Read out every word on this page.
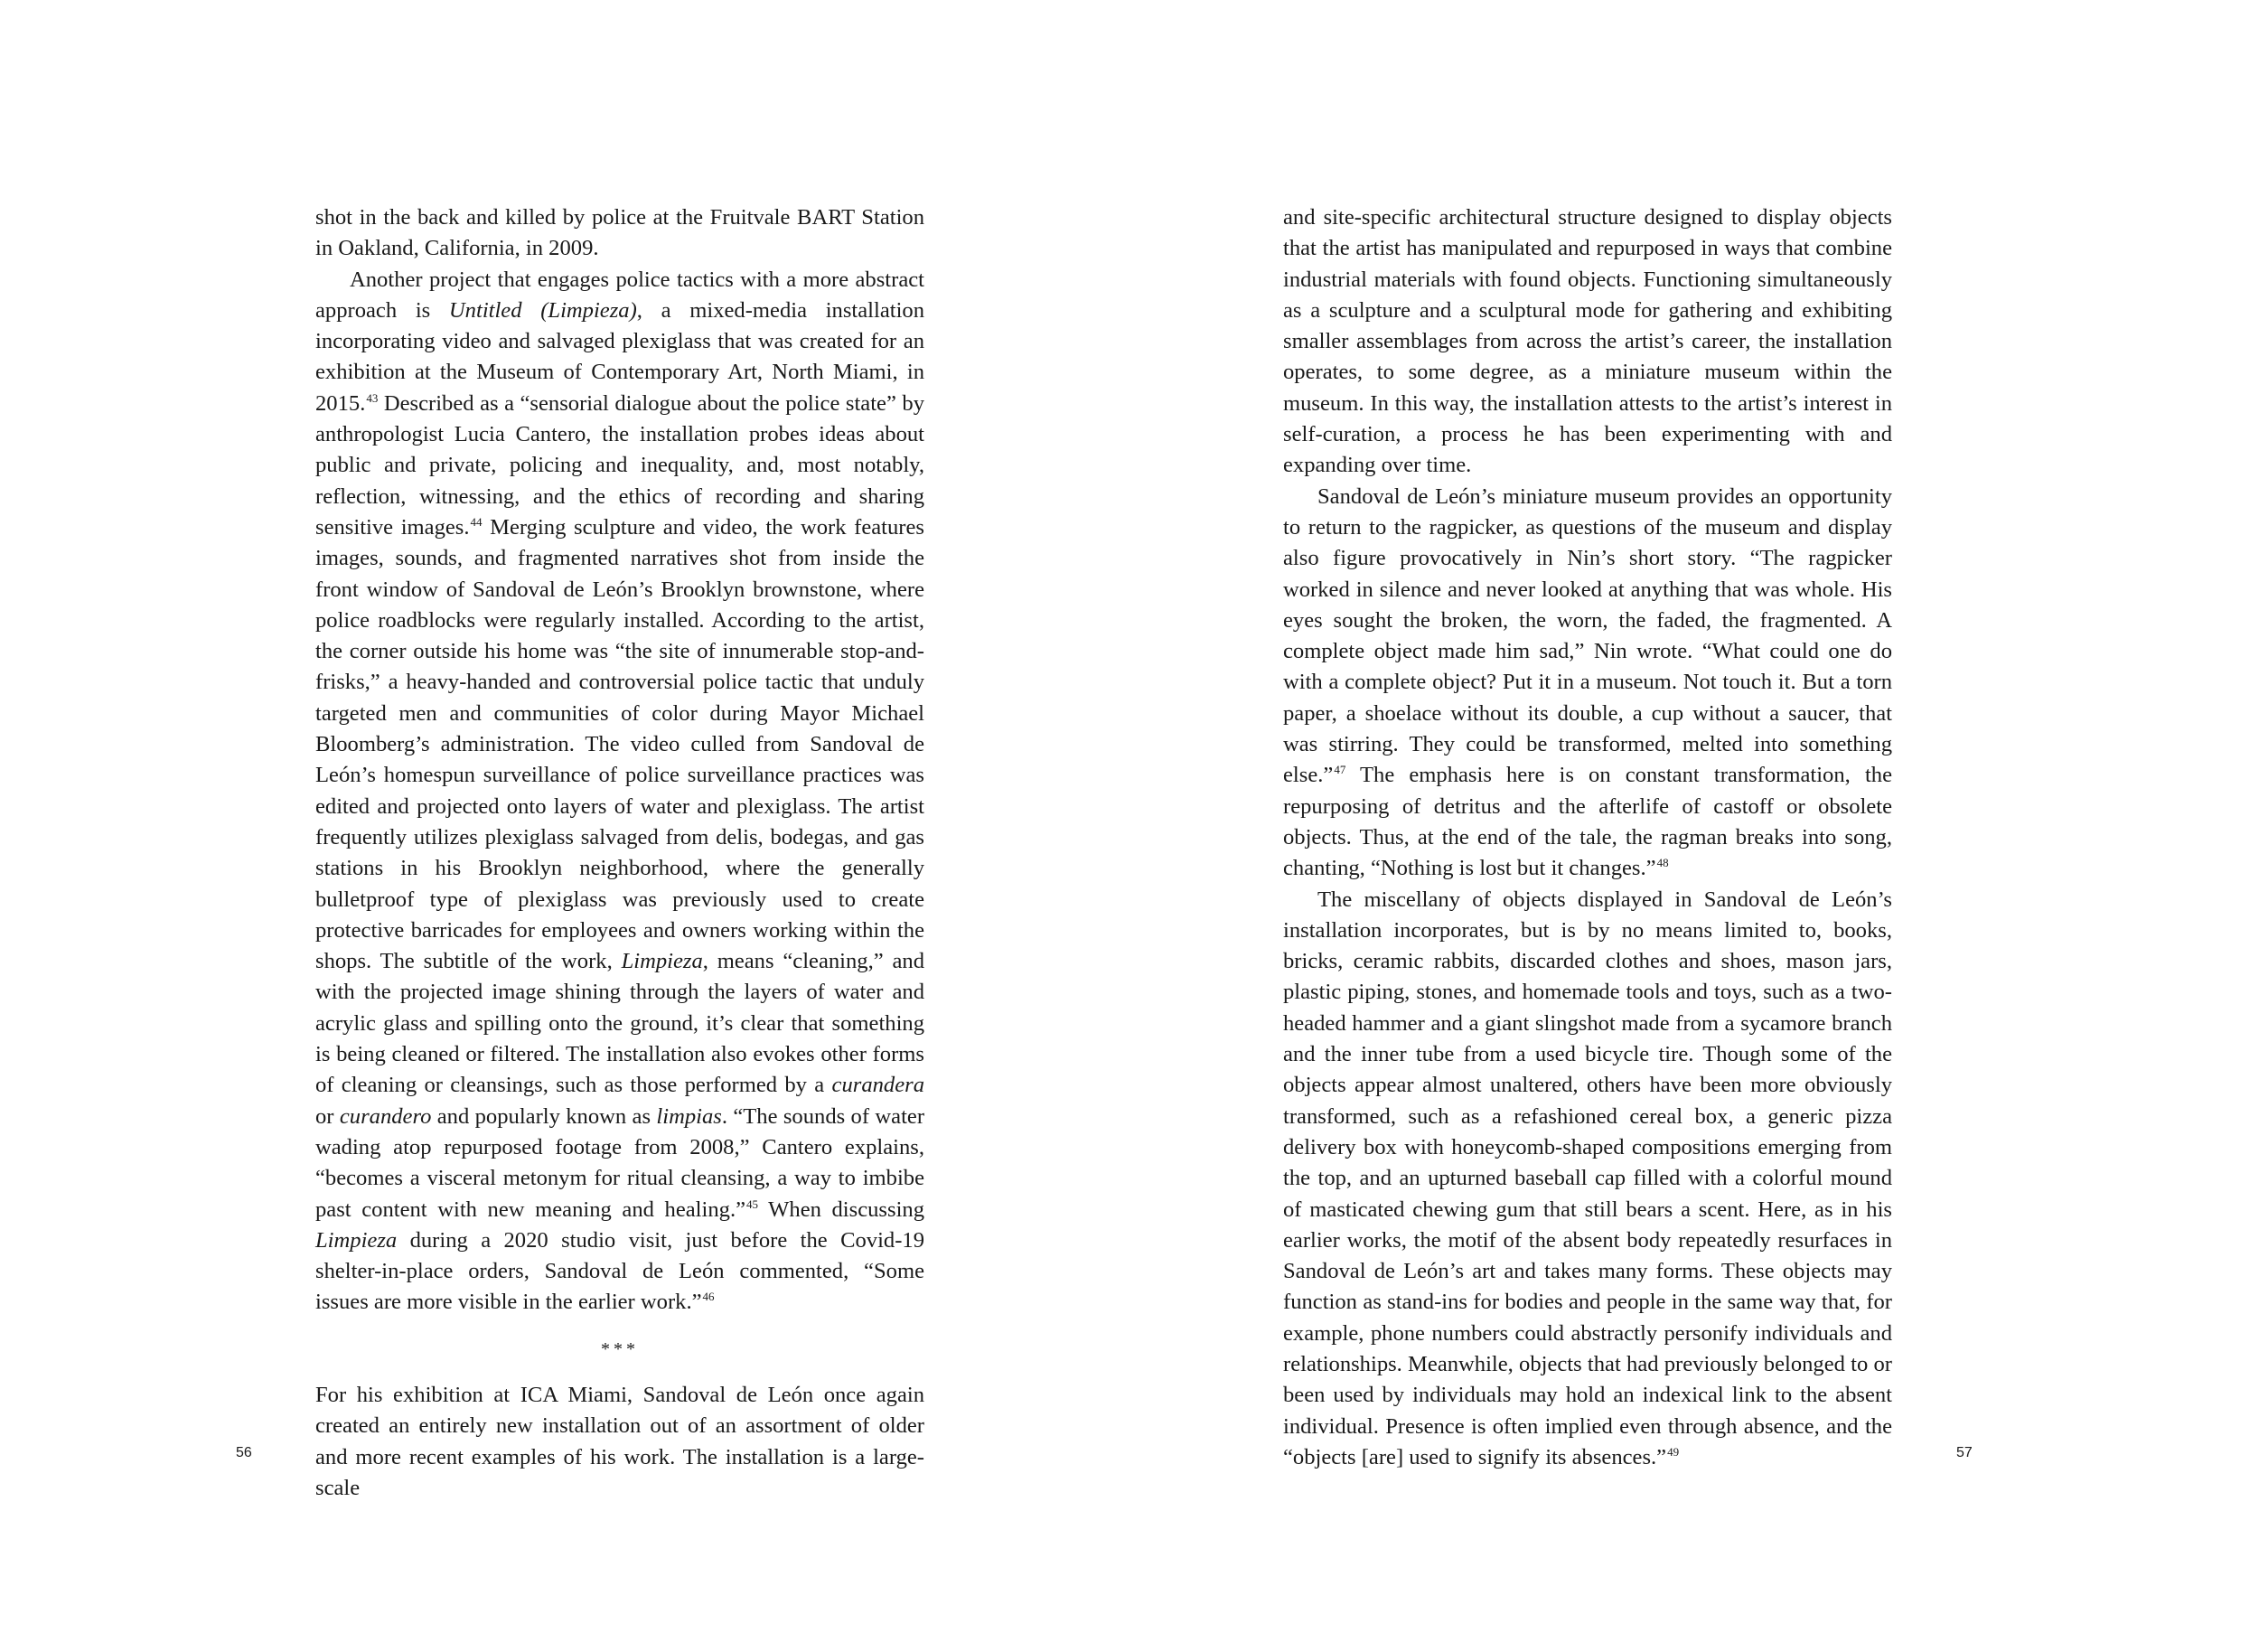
shot in the back and killed by police at the Fruitvale BART Station in Oakland, California, in 2009.

Another project that engages police tactics with a more abstract approach is Untitled (Limpieza), a mixed-media installation incorporating video and salvaged plexiglass that was created for an exhibition at the Museum of Contemporary Art, North Miami, in 2015.43 Described as a “sensorial dialogue about the police state” by anthropologist Lucia Cantero, the installation probes ideas about public and private, policing and inequality, and, most notably, reflection, witnessing, and the ethics of recording and sharing sensitive images.$^{44}$ Merging sculpture and video, the work features images, sounds, and fragmented narratives shot from inside the front window of Sandoval de León’s Brooklyn brownstone, where police roadblocks were regularly installed. According to the artist, the corner outside his home was “the site of innumerable stop-and-frisks,” a heavy-handed and controversial police tactic that unduly targeted men and communities of color during Mayor Michael Bloomberg’s administration. The video culled from Sandoval de León’s homespun surveillance of police surveillance practices was edited and projected onto layers of water and plexiglass. The artist frequently utilizes plexiglass salvaged from delis, bodegas, and gas stations in his Brooklyn neighborhood, where the generally bulletproof type of plexiglass was previously used to create protective barricades for employees and owners working within the shops. The subtitle of the work, Limpieza, means “cleaning,” and with the projected image shining through the layers of water and acrylic glass and spilling onto the ground, it’s clear that something is being cleaned or filtered. The installation also evokes other forms of cleaning or cleansings, such as those performed by a curandera or curandero and popularly known as limpias. “The sounds of water wading atop repurposed footage from 2008,” Cantero explains, “becomes a visceral metonym for ritual cleansing, a way to imbibe past content with new meaning and healing.”$^{45}$ When discussing Limpieza during a 2020 studio visit, just before the Covid-19 shelter-in-place orders, Sandoval de León commented, “Some issues are more visible in the earlier work.”$^{46}$

***

For his exhibition at ICA Miami, Sandoval de León once again created an entirely new installation out of an assortment of older and more recent examples of his work. The installation is a large-scale

56

and site-specific architectural structure designed to display objects that the artist has manipulated and repurposed in ways that combine industrial materials with found objects. Functioning simultaneously as a sculpture and a sculptural mode for gathering and exhibiting smaller assemblages from across the artist’s career, the installation operates, to some degree, as a miniature museum within the museum. In this way, the installation attests to the artist’s interest in self-curation, a process he has been experimenting with and expanding over time.

Sandoval de León’s miniature museum provides an opportunity to return to the ragpicker, as questions of the museum and display also figure provocatively in Nin’s short story. “The ragpicker worked in silence and never looked at anything that was whole. His eyes sought the broken, the worn, the faded, the fragmented. A complete object made him sad,” Nin wrote. “What could one do with a complete object? Put it in a museum. Not touch it. But a torn paper, a shoelace without its double, a cup without a saucer, that was stirring. They could be transformed, melted into something else.”$^{47}$ The emphasis here is on constant transformation, the repurposing of detritus and the afterlife of castoff or obsolete objects. Thus, at the end of the tale, the ragman breaks into song, chanting, “Nothing is lost but it changes.”$^{48}$

The miscellany of objects displayed in Sandoval de León’s installation incorporates, but is by no means limited to, books, bricks, ceramic rabbits, discarded clothes and shoes, mason jars, plastic piping, stones, and homemade tools and toys, such as a two-headed hammer and a giant slingshot made from a sycamore branch and the inner tube from a used bicycle tire. Though some of the objects appear almost unaltered, others have been more obviously transformed, such as a refashioned cereal box, a generic pizza delivery box with honeycomb-shaped compositions emerging from the top, and an upturned baseball cap filled with a colorful mound of masticated chewing gum that still bears a scent. Here, as in his earlier works, the motif of the absent body repeatedly resurfaces in Sandoval de León’s art and takes many forms. These objects may function as stand-ins for bodies and people in the same way that, for example, phone numbers could abstractly personify individuals and relationships. Meanwhile, objects that had previously belonged to or been used by individuals may hold an indexical link to the absent individual. Presence is often implied even through absence, and the “objects [are] used to signify its absences.”$^{49}$	57
